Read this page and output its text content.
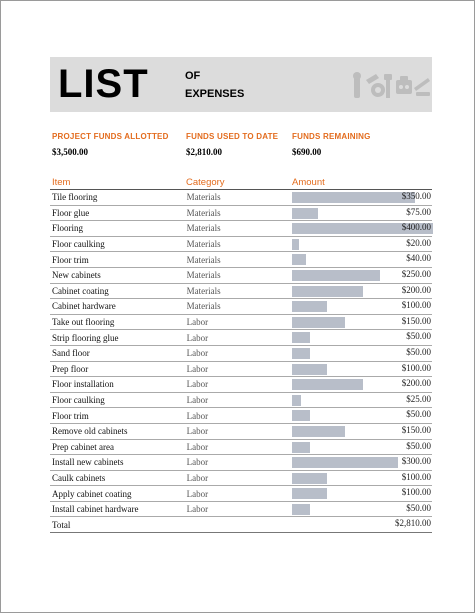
LIST	OF
EXPENSES
PROJECT FUNDS ALLOTTED
$3,500.00
FUNDS USED TO DATE
$2,810.00
FUNDS REMAINING
$690.00
Item	Category	Amount
Tile flooring	Materials	$350.00

Floor glue	Materials	$75.00

Flooring	Materials	$400.00

Floor caulking	Materials	$20.00

Floor trim	Materials	$40.00

New cabinets	Materials	$250.00

Cabinet coating	Materials	$200.00

Cabinet hardware	Materials	$100.00

Take out flooring	Labor	$150.00

Strip flooring glue	Labor	$50.00

Sand floor	Labor	$50.00

Prep floor	Labor	$100.00

Floor installation	Labor	$200.00

Floor caulking	Labor	$25.00

Floor trim	Labor	$50.00

Remove old cabinets	Labor	$150.00

Prep cabinet area	Labor	$50.00

Install new cabinets	Labor	$300.00

Caulk cabinets	Labor	$100.00

Apply cabinet coating	Labor	$100.00

Install cabinet hardware	Labor	$50.00

Total		$2,810.00
